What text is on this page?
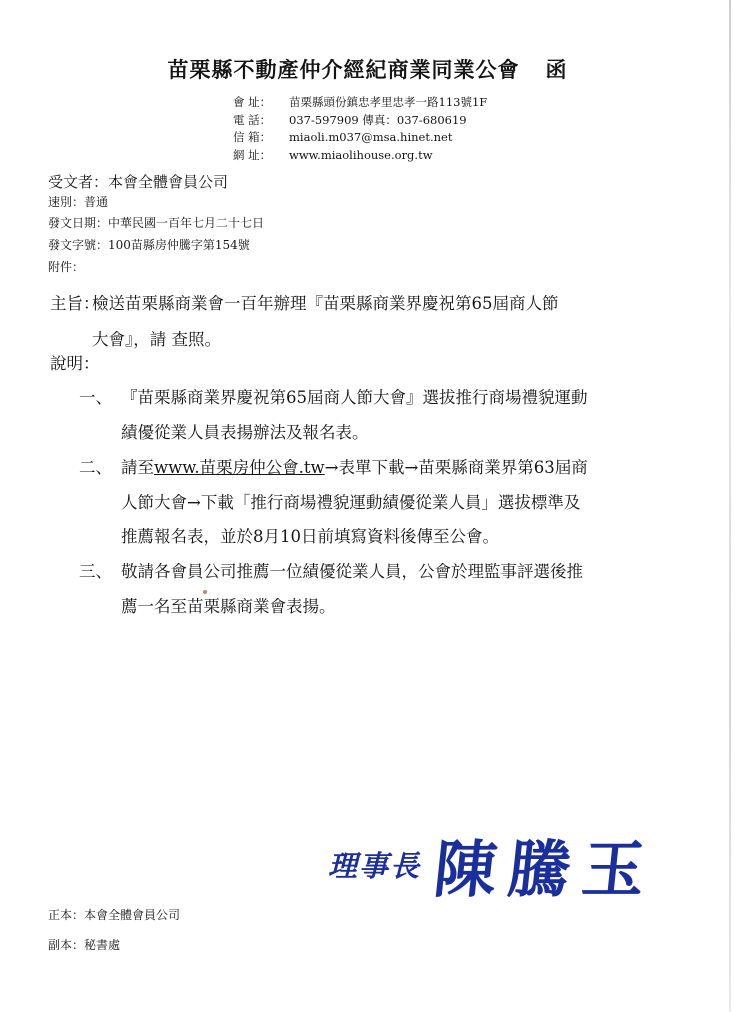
苗栗縣不動產仲介經紀商業同業公會 函
會 址：	苗栗縣頭份鎮忠孝里忠孝一路113號1F
電 話：	037-597909 傳真：037-680619
信 箱：	miaoli.m037@msa.hinet.net
網 址：	www.miaolihouse.org.tw
受文者：本會全體會員公司
速別：普通
發文日期：中華民國一百年七月二十七日
發文字號：100苗縣房仲騰字第154號
附件：
主旨：
檢送苗栗縣商業會一百年辦理『苗栗縣商業界慶祝第65屆商人節
大會』，請 查照。
說明：
一、 『苗栗縣商業界慶祝第65屆商人節大會』選拔推行商場禮貌運動
績優從業人員表揚辦法及報名表。
二、 請至www.苗栗房仲公會.tw→表單下載→苗栗縣商業界第63屆商
人節大會→下載「推行商場禮貌運動績優從業人員」選拔標準及
推薦報名表，並於8月10日前填寫資料後傳至公會。
三、 敬請各會員公司推薦一位績優從業人員，公會於理監事評選後推
薦一名至苗栗縣商業會表揚。
理事長 陳騰玉
正本：本會全體會員公司
副本：秘書處
